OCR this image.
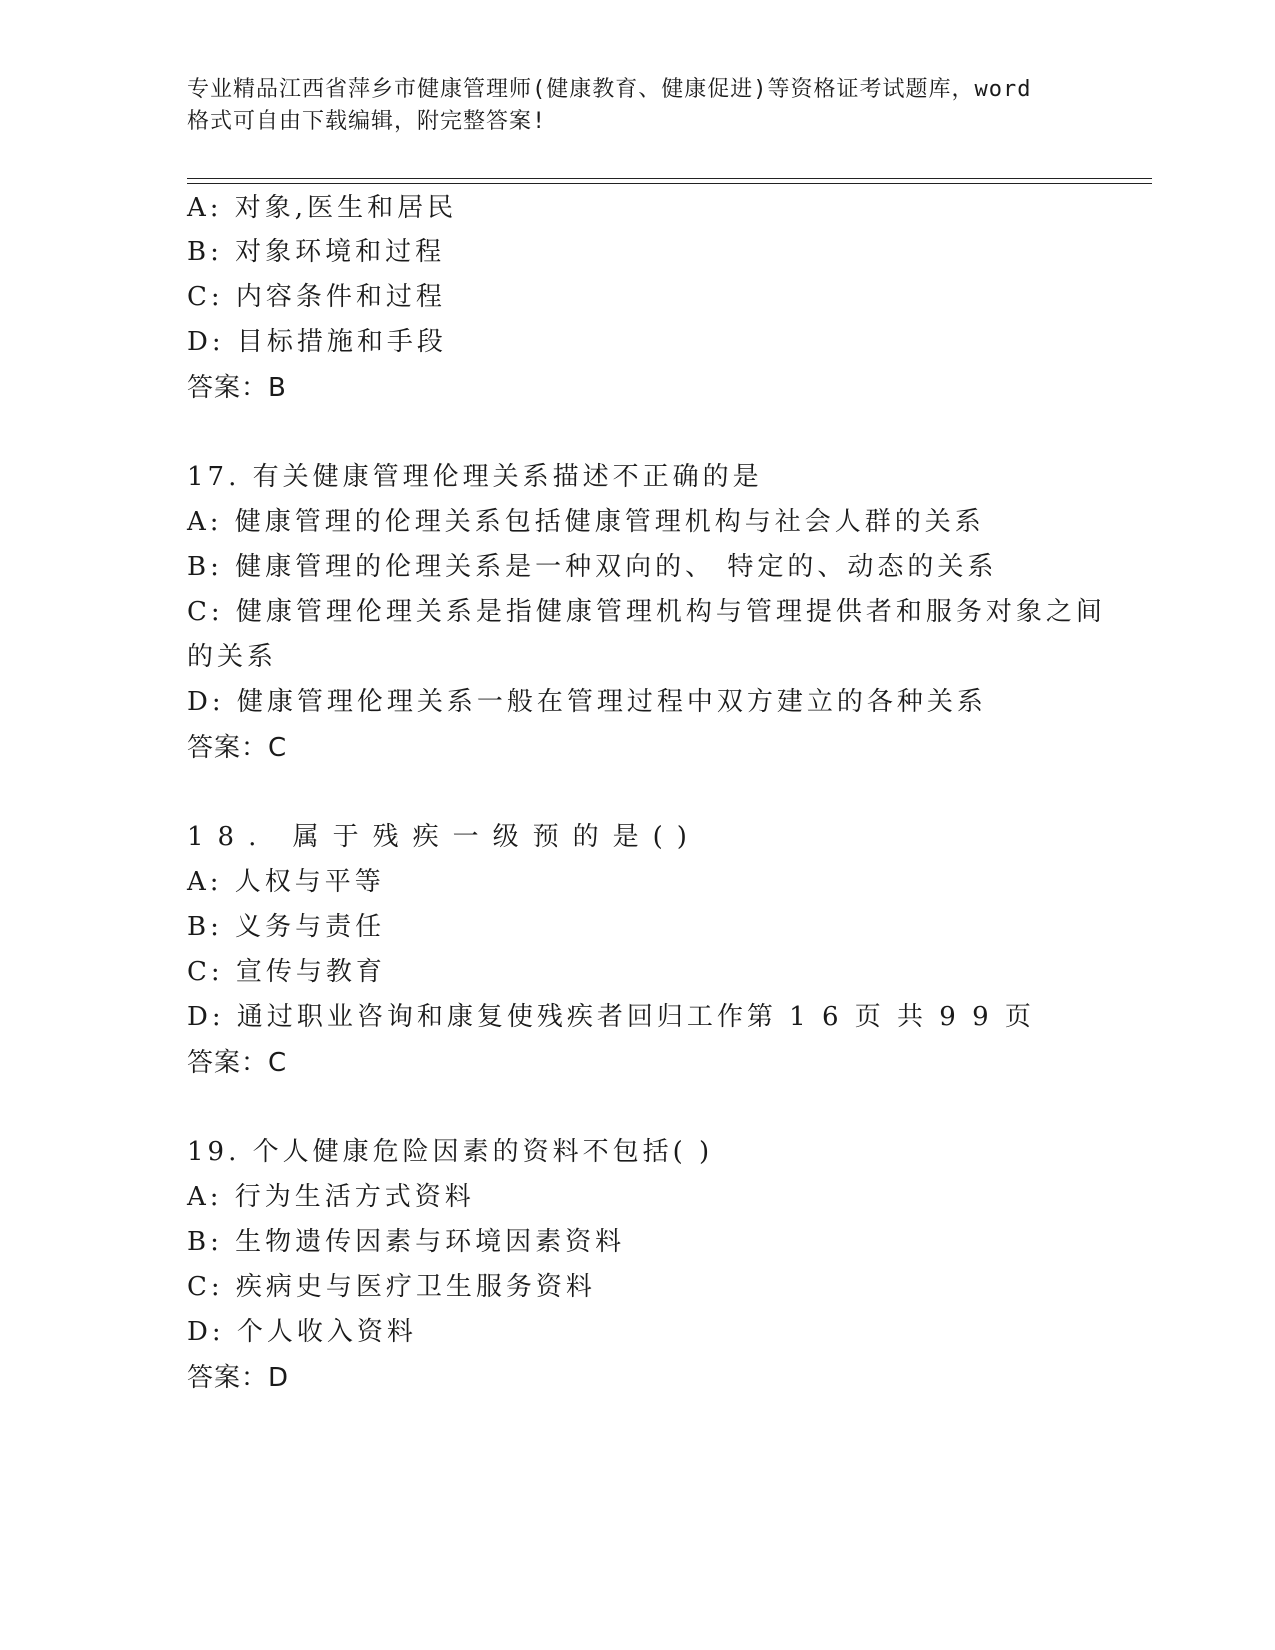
专业精品江西省萍乡市健康管理师(健康教育、健康促进)等资格证考试题库，word
格式可自由下载编辑，附完整答案!
A: 对象,医生和居民
B: 对象环境和过程
C: 内容条件和过程
D: 目标措施和手段
答案：B
17. 有关健康管理伦理关系描述不正确的是
A: 健康管理的伦理关系包括健康管理机构与社会人群的关系
B: 健康管理的伦理关系是一种双向的、 特定的、动态的关系
C: 健康管理伦理关系是指健康管理机构与管理提供者和服务对象之间
的关系
D: 健康管理伦理关系一般在管理过程中双方建立的各种关系
答案：C
18. 属于残疾一级预的是()
A: 人权与平等
B: 义务与责任
C: 宣传与教育
D: 通过职业咨询和康复使残疾者回归工作第 1 6 页 共 9 9 页
答案：C
19. 个人健康危险因素的资料不包括( )
A: 行为生活方式资料
B: 生物遗传因素与环境因素资料
C: 疾病史与医疗卫生服务资料
D: 个人收入资料
答案：D
